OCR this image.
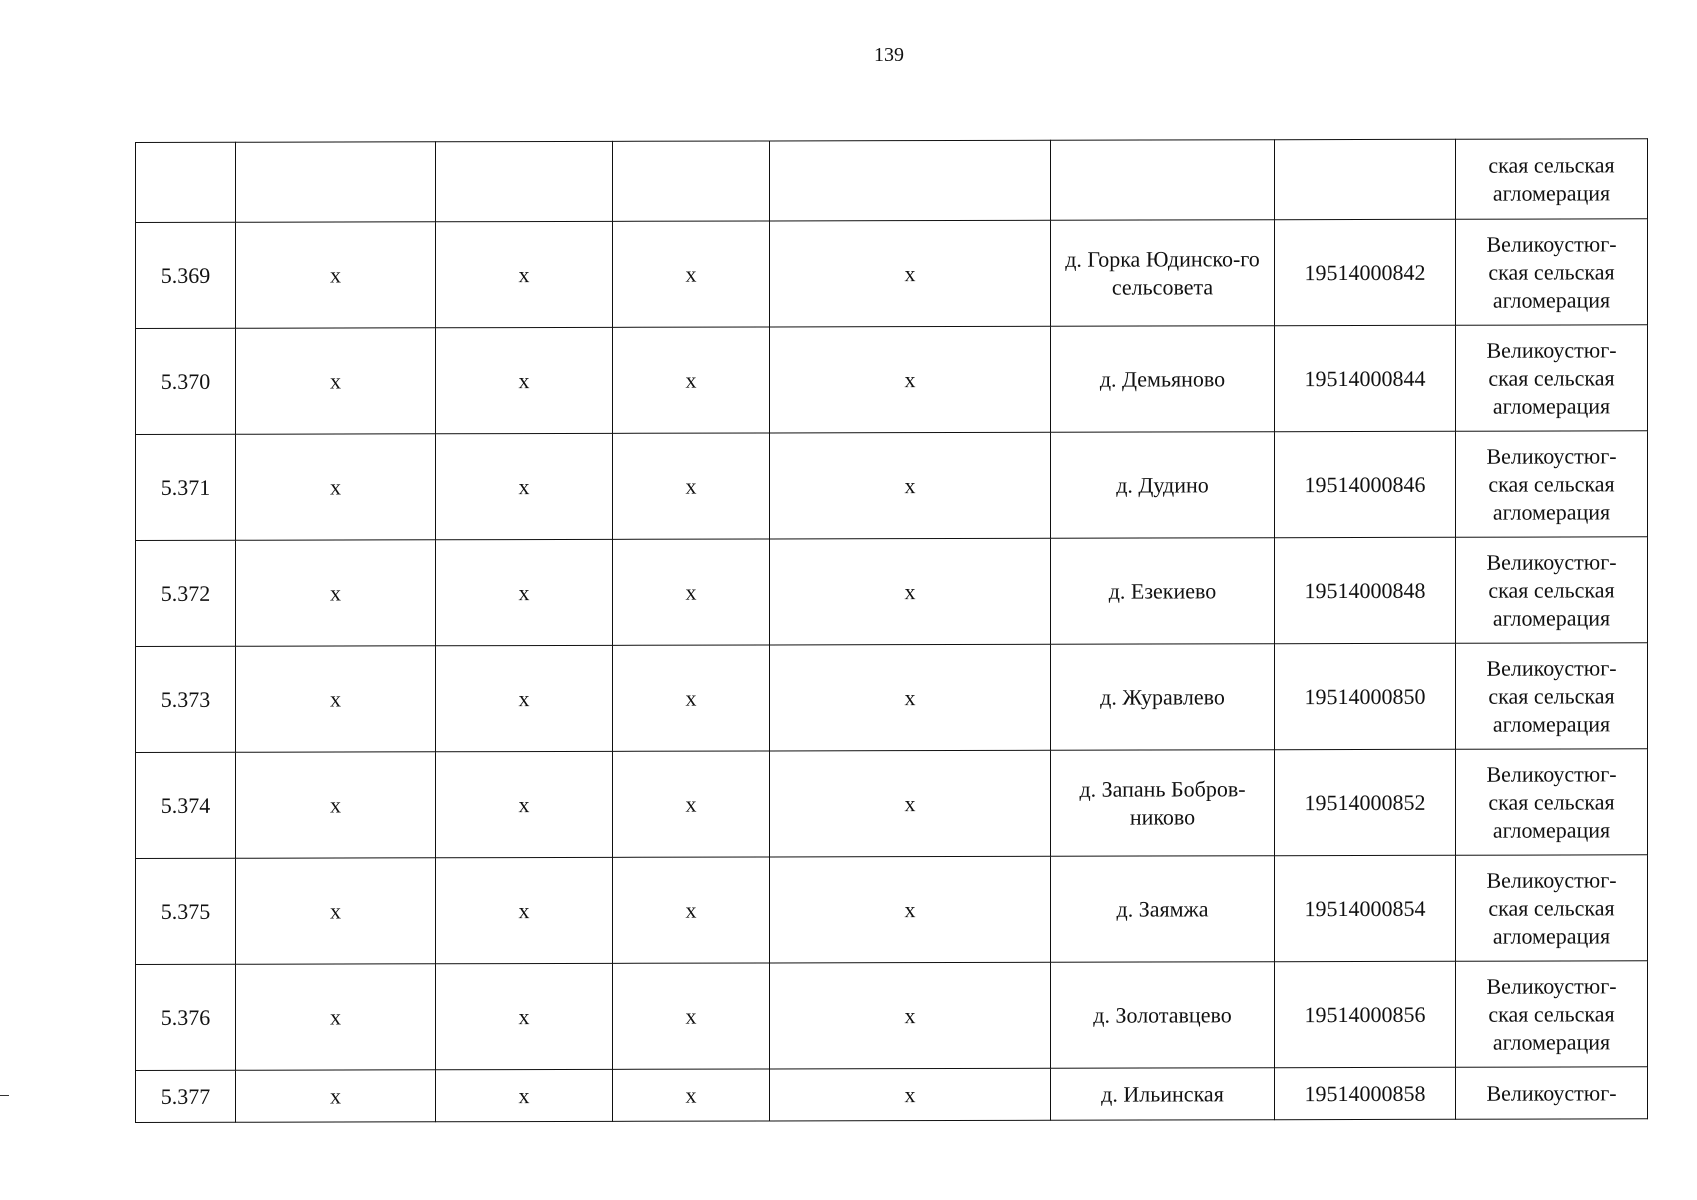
139

							ская сельская
агломерация

5.369	х	х	х	х	д. Горка Юдинско-го сельсовета	19514000842	Великоустюг-
ская сельская
агломерация

5.370	х	х	х	х	д. Демьяново	19514000844	Великоустюг-
ская сельская
агломерация

5.371	х	х	х	х	д. Дудино	19514000846	Великоустюг-
ская сельская
агломерация

5.372	х	х	х	х	д. Езекиево	19514000848	Великоустюг-
ская сельская
агломерация

5.373	х	х	х	х	д. Журавлево	19514000850	Великоустюг-
ская сельская
агломерация

5.374	х	х	х	х	д. Запань Бобров-никово	19514000852	Великоустюг-
ская сельская
агломерация

5.375	х	х	х	х	д. Заямжа	19514000854	Великоустюг-
ская сельская
агломерация

5.376	х	х	х	х	д. Золотавцево	19514000856	Великоустюг-
ская сельская
агломерация

5.377	х	х	х	х	д. Ильинская	19514000858	Великоустюг-
